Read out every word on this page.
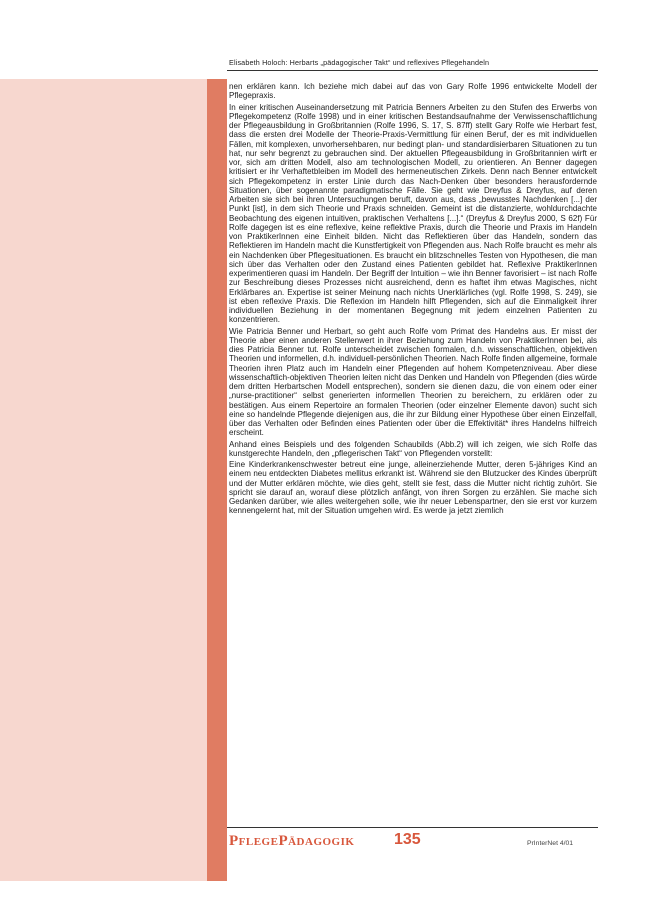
Elisabeth Holoch: Herbarts „pädagogischer Takt“ und reflexives Pflegehandeln

nen erklären kann. Ich beziehe mich dabei auf das von Gary Rolfe 1996 entwickelte Modell der Pflegepraxis.

In einer kritischen Auseinandersetzung mit Patricia Benners Arbeiten zu den Stufen des Erwerbs von Pflegekompetenz (Rolfe 1998) und in einer kritischen Bestandsaufnahme der Verwissenschaftlichung der Pflegeausbildung in Großbritannien (Rolfe 1996, S. 17, S. 87ff) stellt Gary Rolfe wie Herbart fest, dass die ersten drei Modelle der Theorie-Praxis-Vermittlung für einen Beruf, der es mit individuellen Fällen, mit komplexen, unvorhersehbaren, nur bedingt plan- und standardisierbaren Situationen zu tun hat, nur sehr begrenzt zu gebrauchen sind. Der aktuellen Pflegeausbildung in Großbritannien wirft er vor, sich am dritten Modell, also am technologischen Modell, zu orientieren. An Benner dagegen kritisiert er ihr Verhaftetbleiben im Modell des hermeneutischen Zirkels. Denn nach Benner entwickelt sich Pflegekompetenz in erster Linie durch das Nach-Denken über besonders herausfordernde Situationen, über sogenannte paradigmatische Fälle. Sie geht wie Dreyfus & Dreyfus, auf deren Arbeiten sie sich bei ihren Untersuchungen beruft, davon aus, dass „bewusstes Nachdenken [...] der Punkt [ist], in dem sich Theorie und Praxis schneiden. Gemeint ist die distanzierte, wohldurchdachte Beobachtung des eigenen intuitiven, praktischen Verhaltens [...].“ (Dreyfus & Dreyfus 2000, S 62f) Für Rolfe dagegen ist es eine reflexive, keine reflektive Praxis, durch die Theorie und Praxis im Handeln von PraktikerInnen eine Einheit bilden. Nicht das Reflektieren über das Handeln, sondern das Reflektieren im Handeln macht die Kunstfertigkeit von Pflegenden aus. Nach Rolfe braucht es mehr als ein Nachdenken über Pflegesituationen. Es braucht ein blitzschnelles Testen von Hypothesen, die man sich über das Verhalten oder den Zustand eines Patienten gebildet hat. Reflexive PraktikerInnen experimentieren quasi im Handeln. Der Begriff der Intuition – wie ihn Benner favorisiert – ist nach Rolfe zur Beschreibung dieses Prozesses nicht ausreichend, denn es haftet ihm etwas Magisches, nicht Erklärbares an. Expertise ist seiner Meinung nach nichts Unerklärliches (vgl. Rolfe 1998, S. 249), sie ist eben reflexive Praxis. Die Reflexion im Handeln hilft Pflegenden, sich auf die Einmaligkeit ihrer individuellen Beziehung in der momentanen Begegnung mit jedem einzelnen Patienten zu konzentrieren.

Wie Patricia Benner und Herbart, so geht auch Rolfe vom Primat des Handelns aus. Er misst der Theorie aber einen anderen Stellenwert in ihrer Beziehung zum Handeln von PraktikerInnen bei, als dies Patricia Benner tut. Rolfe unterscheidet zwischen formalen, d.h. wissenschaftlichen, objektiven Theorien und informellen, d.h. individuell-persönlichen Theorien. Nach Rolfe finden allgemeine, formale Theorien ihren Platz auch im Handeln einer Pflegenden auf hohem Kompetenzniveau. Aber diese wissenschaftlich-objektiven Theorien leiten nicht das Denken und Handeln von Pflegenden (dies würde dem dritten Herbartschen Modell entsprechen), sondern sie dienen dazu, die von einem oder einer „nurse-practitioner“ selbst generierten informellen Theorien zu bereichern, zu erklären oder zu bestätigen. Aus einem Repertoire an formalen Theorien (oder einzelner Elemente davon) sucht sich eine so handelnde Pflegende diejenigen aus, die ihr zur Bildung einer Hypothese über einen Einzelfall, über das Verhalten oder Befinden eines Patienten oder über die Effektivität* ihres Handelns hilfreich erscheint.

Anhand eines Beispiels und des folgenden Schaubilds (Abb.2) will ich zeigen, wie sich Rolfe das kunstgerechte Handeln, den „pflegerischen Takt“ von Pflegenden vorstellt:

Eine Kinderkrankenschwester betreut eine junge, alleinerziehende Mutter, deren 5-jähriges Kind an einem neu entdeckten Diabetes mellitus erkrankt ist. Während sie den Blutzucker des Kindes überprüft und der Mutter erklären möchte, wie dies geht, stellt sie fest, dass die Mutter nicht richtig zuhört. Sie spricht sie darauf an, worauf diese plötzlich anfängt, von ihren Sorgen zu erzählen. Sie mache sich Gedanken darüber, wie alles weitergehen solle, wie ihr neuer Lebenspartner, den sie erst vor kurzem kennengelernt hat, mit der Situation umgehen wird. Es werde ja jetzt ziemlich

PflegePädagogik 135	PrInterNet 4/01
